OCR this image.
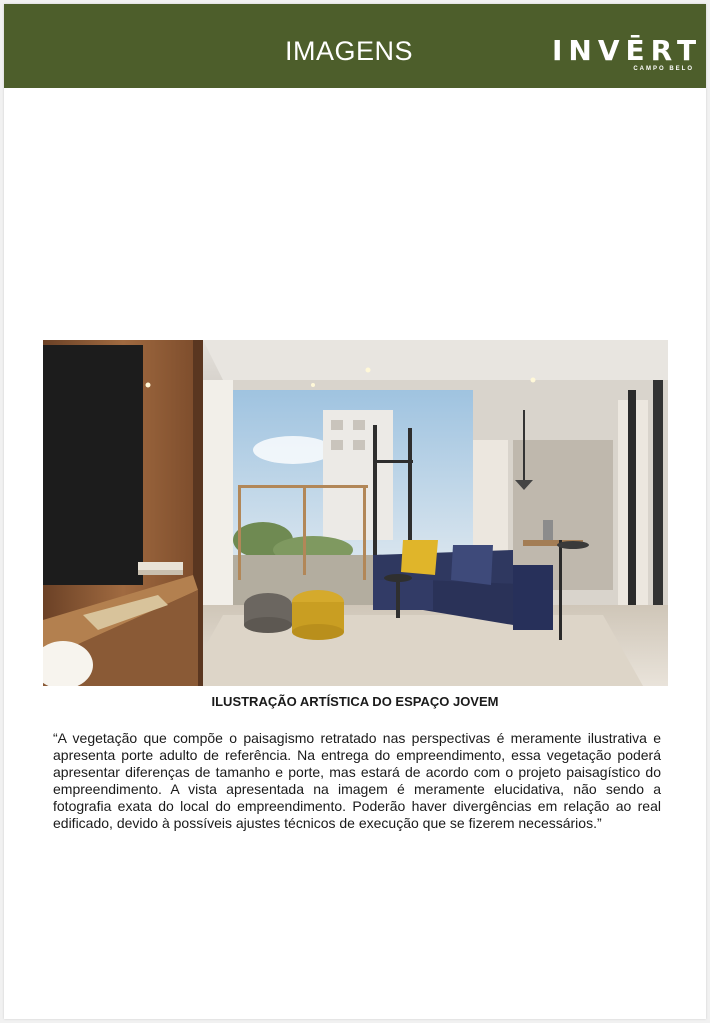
IMAGENS	INVĒRT
CAMPO BELO
ILUSTRAÇÃO ARTÍSTICA DO ESPAÇO JOVEM

“A vegetação que compõe o paisagismo retratado nas perspectivas é meramente ilustrativa e apresenta porte adulto de referência. Na entrega do empreendimento, essa vegetação poderá apresentar diferenças de tamanho e porte, mas estará de acordo com o projeto paisagístico do empreendimento. A vista apresentada na imagem é meramente elucidativa, não sendo a fotografia exata do local do empreendimento. Poderão haver divergências em relação ao real edificado, devido à possíveis ajustes técnicos de execução que se fizerem necessários.”
